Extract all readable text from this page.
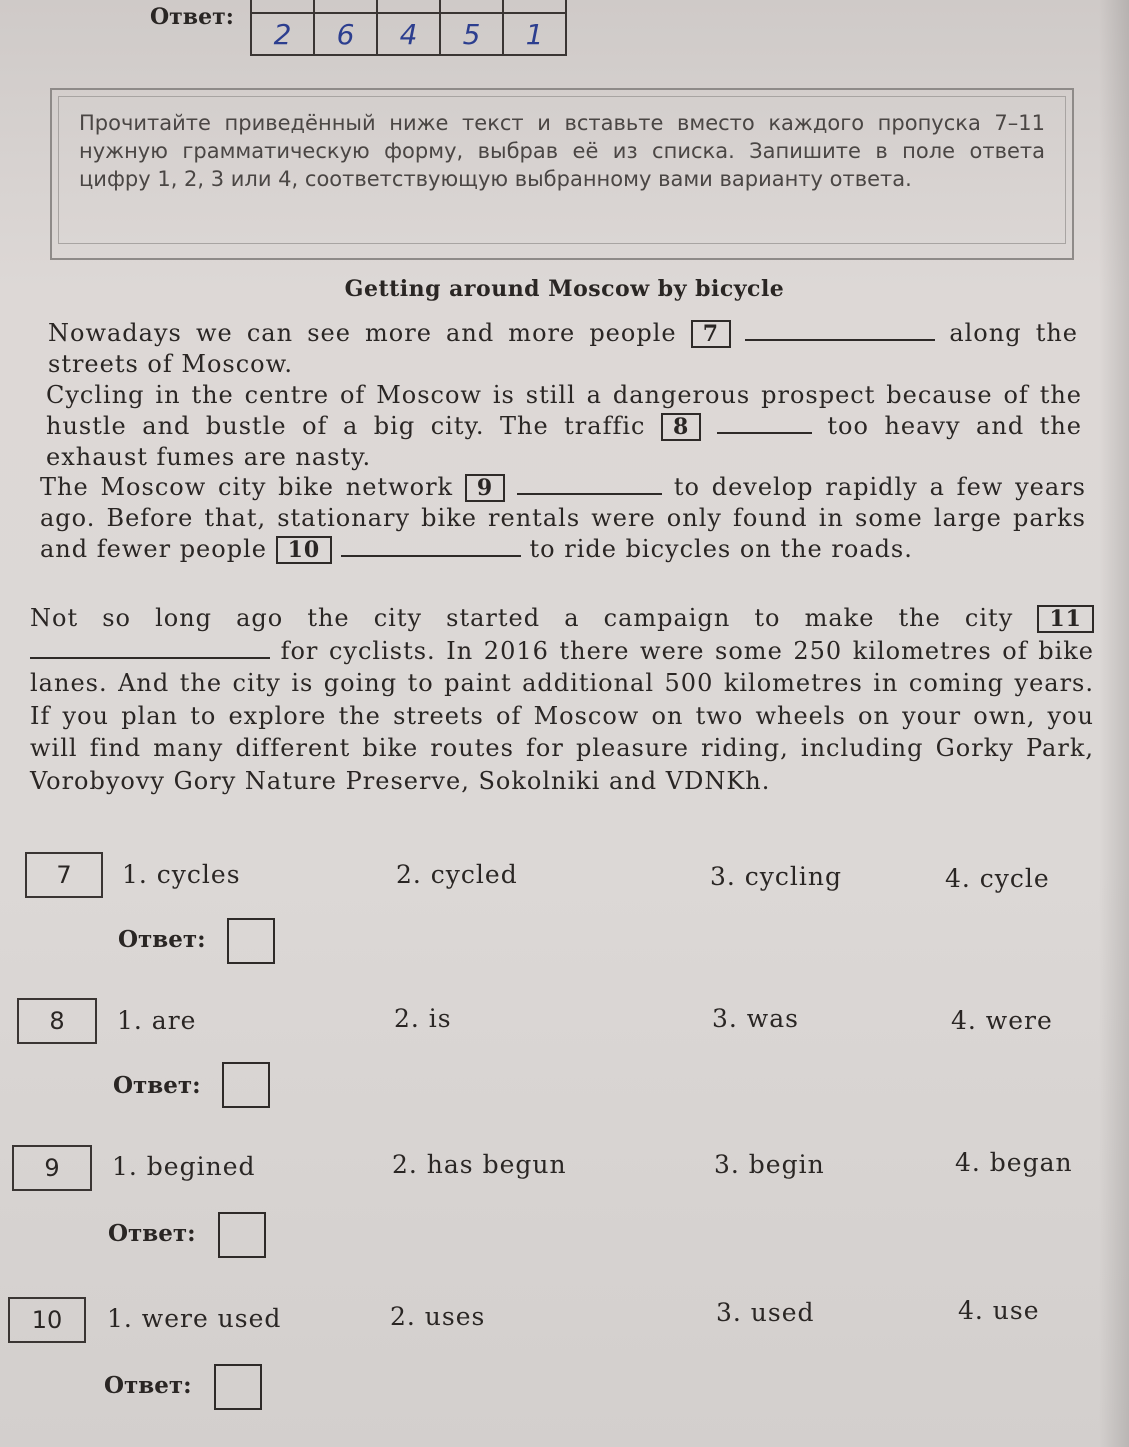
Ответ:

2	6	4	5	1
Прочитайте приведённый ниже текст и вставьте вместо каждого пропуска 7–11 нужную грамматическую форму, выбрав её из списка. Запишите в поле ответа цифру 1, 2, 3 или 4, соответствующую выбранному вами варианту ответа.
Getting around Moscow by bicycle
Nowadays we can see more and more people 7	along the streets of Moscow.
Cycling in the centre of Moscow is still a dangerous prospect because of the hustle and bustle of a big city. The traffic 8	too heavy and the exhaust fumes are nasty.
The Moscow city bike network 9	to develop rapidly a few years ago. Before that, stationary bike rentals were only found in some large parks and fewer people 10	to ride bicycles on the roads.
Not so long ago the city started a campaign to make the city 11  for cyclists. In 2016 there were some 250 kilometres of bike lanes. And the city is going to paint additional 500 kilometres in coming years. If you plan to explore the streets of Moscow on two wheels on your own, you will find many different bike routes for pleasure riding, including Gorky Park, Vorobyovy Gory Nature Preserve, Sokolniki and VDNKh.
7	1. cycles	2. cycled	3. cycling	4. cycle
Ответ:
8	1. are	2. is	3. was	4. were
Ответ:
9	1. begined	2. has begun	3. begin	4. began
Ответ:
10	1. were used	2. uses	3. used	4. use
Ответ:
